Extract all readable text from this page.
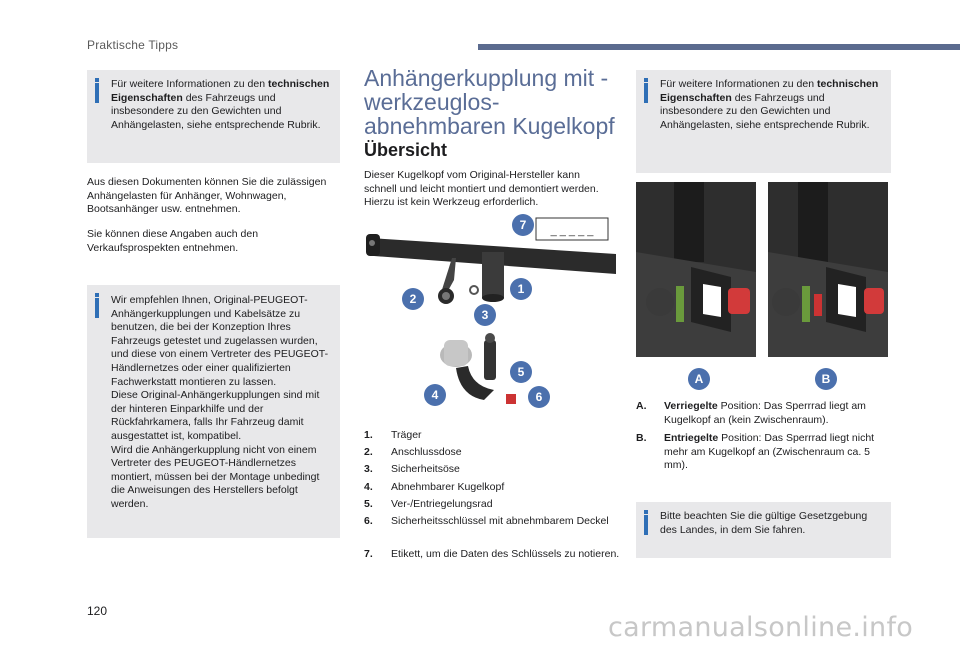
Praktische Tipps
Für weitere Informationen zu den technischen Eigenschaften des Fahrzeugs und insbesondere zu den Gewichten und Anhängelasten, siehe entsprechende Rubrik.
Aus diesen Dokumenten können Sie die zulässigen Anhängelasten für Anhänger, Wohnwagen, Bootsanhänger usw. entnehmen.
Sie können diese Angaben auch den Verkaufsprospekten entnehmen.
Wir empfehlen Ihnen, Original-PEUGEOT-Anhängerkupplungen und Kabelsätze zu benutzen, die bei der Konzeption Ihres Fahrzeugs getestet und zugelassen wurden, und diese von einem Vertreter des PEUGEOT-Händlernetzes oder einer qualifizierten Fachwerkstatt montieren zu lassen.
Diese Original-Anhängerkupplungen sind mit der hinteren Einparkhilfe und der Rückfahrkamera, falls Ihr Fahrzeug damit ausgestattet ist, kompatibel.
Wird die Anhängerkupplung nicht von einem Vertreter des PEUGEOT-Händlernetzes montiert, müssen bei der Montage unbedingt die Anweisungen des Herstellers befolgt werden.
Anhängerkupplung mit -werkzeuglos-abnehmbaren Kugelkopf
Übersicht
Dieser Kugelkopf vom Original-Hersteller kann schnell und leicht montiert und demontiert werden. Hierzu ist kein Werkzeug erforderlich.
_ _ _ _ _
7
2
1
3
5
4	6
1. Träger
2. Anschlussdose
3. Sicherheitsöse
4. Abnehmbarer Kugelkopf
5. Ver-/Entriegelungsrad
6. Sicherheitsschlüssel mit abnehmbarem Deckel
7. Etikett, um die Daten des Schlüssels zu notieren.
Für weitere Informationen zu den technischen Eigenschaften des Fahrzeugs und insbesondere zu den Gewichten und Anhängelasten, siehe entsprechende Rubrik.
A	B
A. Verriegelte Position: Das Sperrrad liegt am Kugelkopf an (kein Zwischenraum).
B. Entriegelte Position: Das Sperrrad liegt nicht mehr am Kugelkopf an (Zwischenraum ca. 5 mm).
Bitte beachten Sie die gültige Gesetzgebung des Landes, in dem Sie fahren.
120
carmanualsonline.info
